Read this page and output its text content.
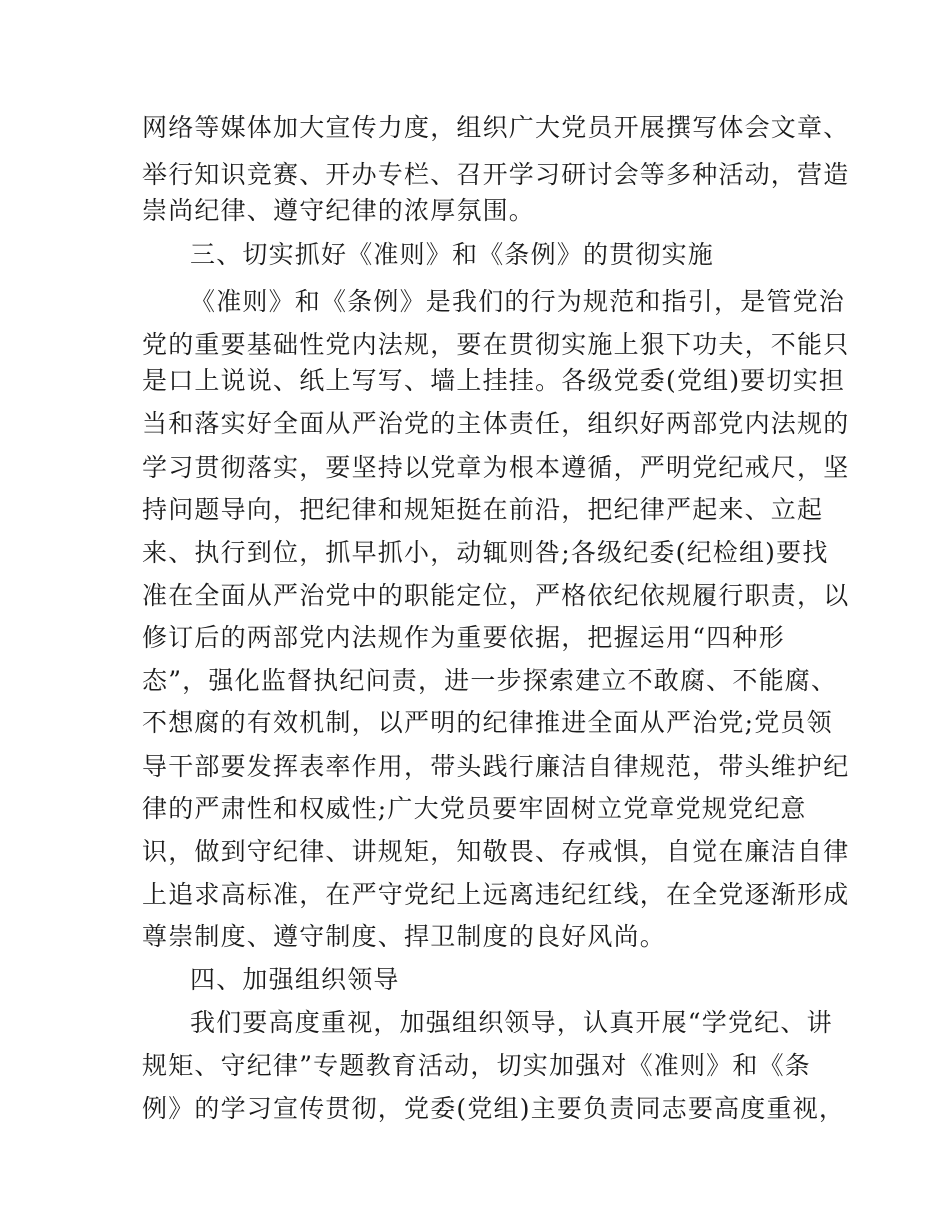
网络等媒体加大宣传力度，组织广大党员开展撰写体会文章、
举行知识竞赛、开办专栏、召开学习研讨会等多种活动，营造
崇尚纪律、遵守纪律的浓厚氛围。
三、切实抓好《准则》和《条例》的贯彻实施
《准则》和《条例》是我们的行为规范和指引，是管党治
党的重要基础性党内法规，要在贯彻实施上狠下功夫，不能只
是口上说说、纸上写写、墙上挂挂。各级党委(党组)要切实担
当和落实好全面从严治党的主体责任，组织好两部党内法规的
学习贯彻落实，要坚持以党章为根本遵循，严明党纪戒尺，坚
持问题导向，把纪律和规矩挺在前沿，把纪律严起来、立起
来、执行到位，抓早抓小，动辄则咎;各级纪委(纪检组)要找
准在全面从严治党中的职能定位，严格依纪依规履行职责，以
修订后的两部党内法规作为重要依据，把握运用“四种形
态”，强化监督执纪问责，进一步探索建立不敢腐、不能腐、
不想腐的有效机制，以严明的纪律推进全面从严治党;党员领
导干部要发挥表率作用，带头践行廉洁自律规范，带头维护纪
律的严肃性和权威性;广大党员要牢固树立党章党规党纪意
识，做到守纪律、讲规矩，知敬畏、存戒惧，自觉在廉洁自律
上追求高标准，在严守党纪上远离违纪红线，在全党逐渐形成
尊崇制度、遵守制度、捍卫制度的良好风尚。
四、加强组织领导
我们要高度重视，加强组织领导，认真开展“学党纪、讲
规矩、守纪律”专题教育活动，切实加强对《准则》和《条
例》的学习宣传贯彻，党委(党组)主要负责同志要高度重视，
